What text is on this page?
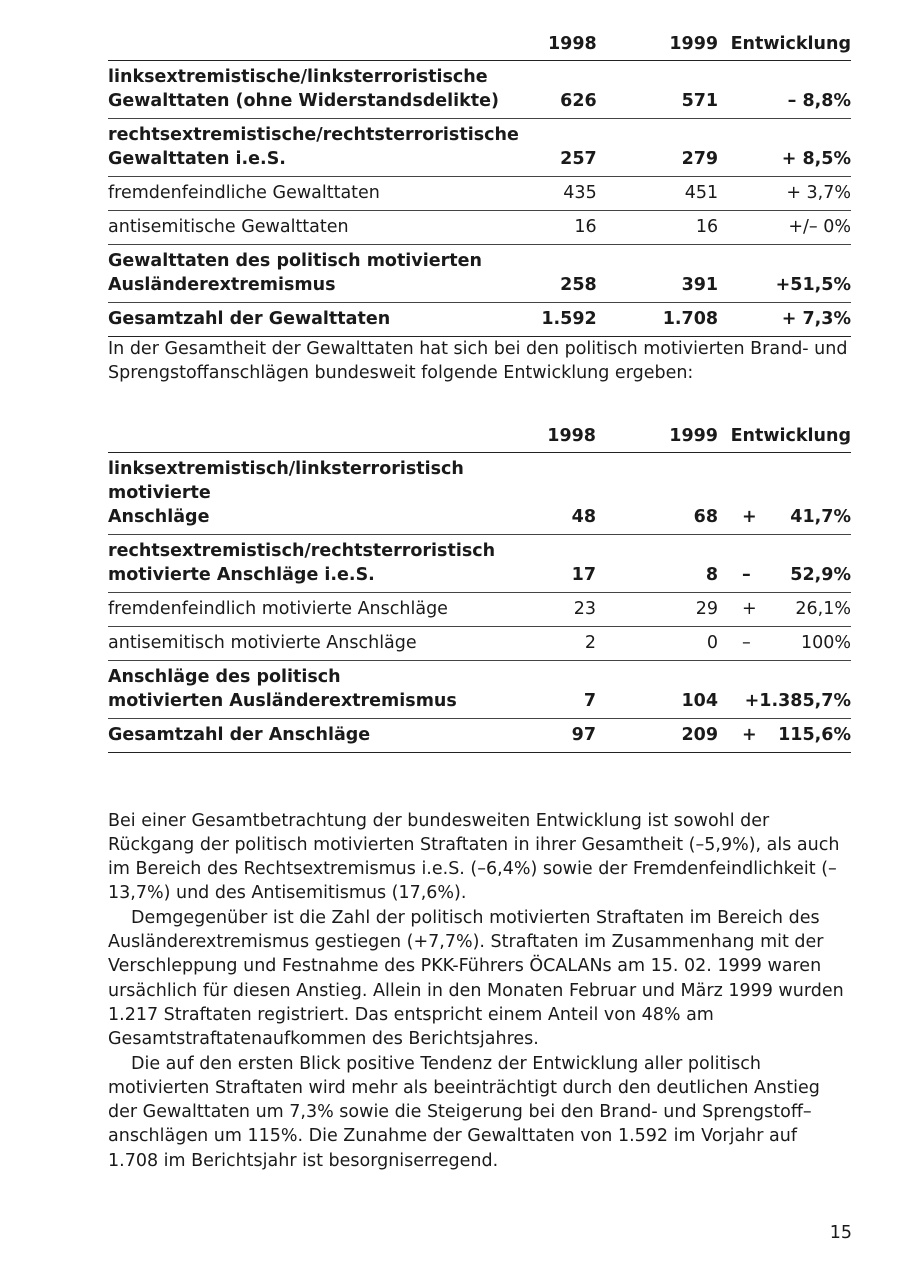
	1998	1999	Entwicklung
linksextremistische/linksterroristische
Gewalttaten (ohne Widerstandsdelikte)	626	571	– 8,8%
rechtsextremistische/rechtsterroristische
Gewalttaten i.e.S.	257	279	+ 8,5%
fremdenfeindliche Gewalttaten	435	451	+ 3,7%
antisemitische Gewalttaten	16	16	+/– 0%
Gewalttaten des politisch motivierten
Ausländerextremismus	258	391	+51,5%
Gesamtzahl der Gewalttaten	1.592	1.708	+ 7,3%

In der Gesamtheit der Gewalttaten hat sich bei den politisch motivierten Brand- und Sprengstoffanschlägen bundesweit folgende Entwicklung ergeben:

	1998	1999	Entwicklung
linksextremistisch/linksterroristisch motivierte
Anschläge	48	68	+ 41,7%
rechtsextremistisch/rechtsterroristisch
motivierte Anschläge i.e.S.	17	8	– 52,9%
fremdenfeindlich motivierte Anschläge	23	29	+ 26,1%
antisemitisch motivierte Anschläge	2	0	– 100%
Anschläge des politisch
motivierten Ausländerextremismus	7	104	+1.385,7%
Gesamtzahl der Anschläge	97	209	+ 115,6%

Bei einer Gesamtbetrachtung der bundesweiten Entwicklung ist sowohl der Rückgang der politisch motivierten Straftaten in ihrer Gesamtheit (–5,9%), als auch im Bereich des Rechtsextremismus i.e.S. (–6,4%) sowie der Fremdenfeindlichkeit (–13,7%) und des Antisemitismus (17,6%).

Demgegenüber ist die Zahl der politisch motivierten Straftaten im Bereich des Ausländerextremismus gestiegen (+7,7%). Straftaten im Zusammenhang mit der Verschleppung und Festnahme des PKK-Führers ÖCALANs am 15. 02. 1999 waren ursächlich für diesen Anstieg. Allein in den Monaten Februar und März 1999 wurden 1.217 Straftaten registriert. Das entspricht einem Anteil von 48% am Gesamtstraftatenaufkommen des Berichtsjahres.

Die auf den ersten Blick positive Tendenz der Entwicklung aller politisch motivierten Straftaten wird mehr als beeinträchtigt durch den deutlichen Anstieg der Gewalttaten um 7,3% sowie die Steigerung bei den Brand- und Sprengstoff– anschlägen um 115%. Die Zunahme der Gewalttaten von 1.592 im Vorjahr auf 1.708 im Berichtsjahr ist besorgniserregend.

15
